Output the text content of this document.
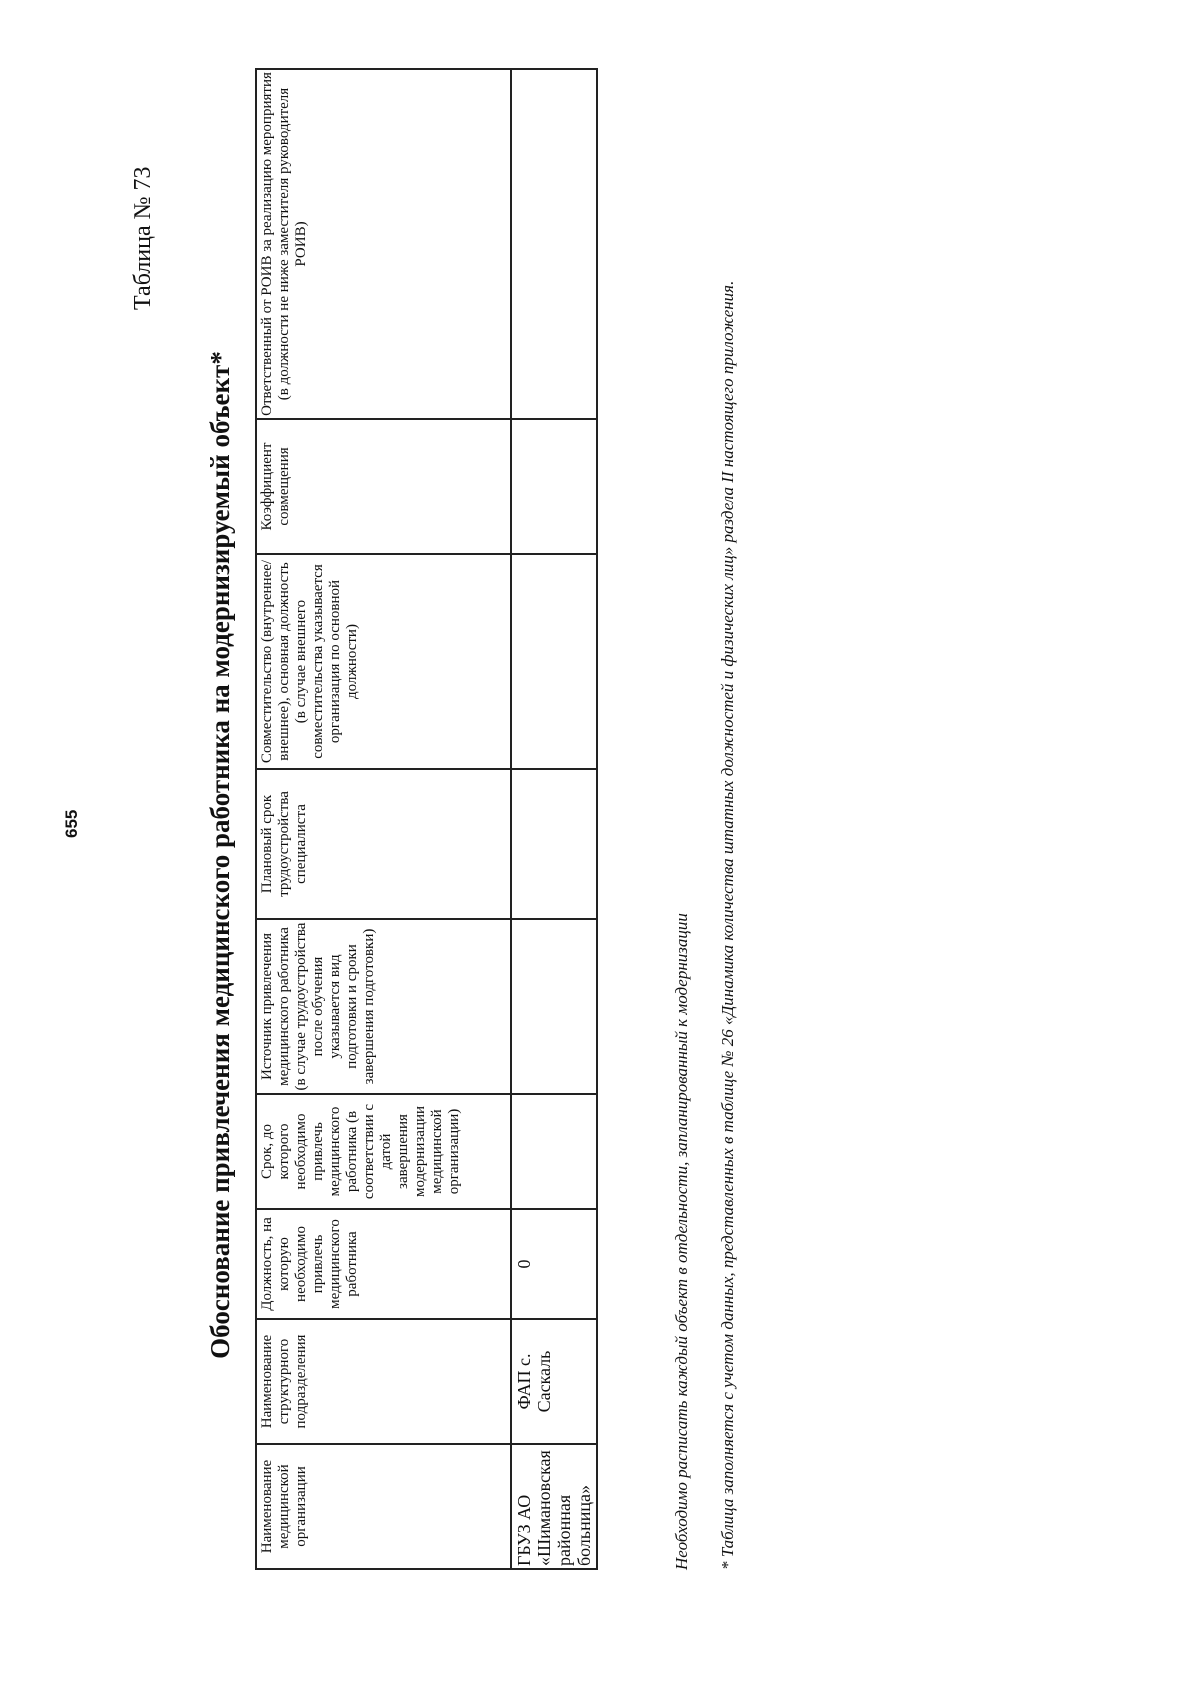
655
Таблица № 73
Обоснование привлечения медицинского работника на модернизируемый объект*
Наименование медицинской организации	Наименование структурного подразделения	Должность, на которую необходимо привлечь медицинского работника	Срок, до которого необходимо привлечь медицинского работника (в соответствии с датой завершения модернизации медицинской организации)	Источник привлечения медицинского работника (в случае трудоустройства после обучения указывается вид подготовки и сроки завершения подготовки)	Плановый срок трудоустройства специалиста	Совместительство (внутреннее/ внешнее), основная должность (в случае внешнего совместительства указывается организация по основной должности)	Коэффициент совмещения	Ответственный от РОИВ за реализацию мероприятия (в должности не ниже заместителя руководителя РОИВ)
ГБУЗ АО «Шимановская районная больница»	ФАП с. Саскаль	0							Необходимо расписать каждый объект в отдельности, запланированный к модернизации * Таблица заполняется с учетом данных, представленных в таблице № 26 «Динамика количества штатных должностей и физических лиц» раздела II настоящего приложения.
